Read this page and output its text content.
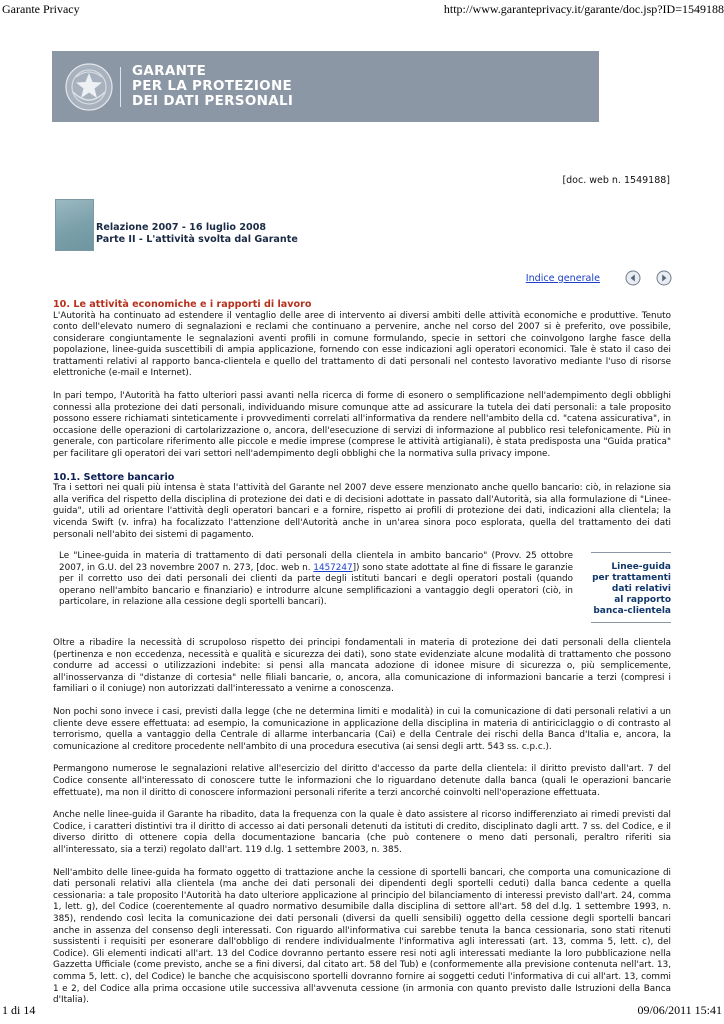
Garante Privacy	http://www.garanteprivacy.it/garante/doc.jsp?ID=1549188
GARANTE
PER LA PROTEZIONE
DEI DATI PERSONALI
[doc. web n. 1549188]
Relazione 2007 - 16 luglio 2008
Parte II - L'attività svolta dal Garante
Indice generale
10. Le attività economiche e i rapporti di lavoro

L'Autorità ha continuato ad estendere il ventaglio delle aree di intervento ai diversi ambiti delle attività economiche e produttive. Tenuto conto dell'elevato numero di segnalazioni e reclami che continuano a pervenire, anche nel corso del 2007 si è preferito, ove possibile, considerare congiuntamente le segnalazioni aventi profili in comune formulando, specie in settori che coinvolgono larghe fasce della popolazione, linee-guida suscettibili di ampia applicazione, fornendo con esse indicazioni agli operatori economici. Tale è stato il caso dei trattamenti relativi al rapporto banca-clientela e quello del trattamento di dati personali nel contesto lavorativo mediante l'uso di risorse elettroniche (e-mail e Internet).

In pari tempo, l'Autorità ha fatto ulteriori passi avanti nella ricerca di forme di esonero o semplificazione nell'adempimento degli obblighi connessi alla protezione dei dati personali, individuando misure comunque atte ad assicurare la tutela dei dati personali: a tale proposito possono essere richiamati sinteticamente i provvedimenti correlati all'informativa da rendere nell'ambito della cd. "catena assicurativa", in occasione delle operazioni di cartolarizzazione o, ancora, dell'esecuzione di servizi di informazione al pubblico resi telefonicamente. Più in generale, con particolare riferimento alle piccole e medie imprese (comprese le attività artigianali), è stata predisposta una "Guida pratica" per facilitare gli operatori dei vari settori nell'adempimento degli obblighi che la normativa sulla privacy impone.

10.1. Settore bancario

Tra i settori nei quali più intensa è stata l'attività del Garante nel 2007 deve essere menzionato anche quello bancario: ciò, in relazione sia alla verifica del rispetto della disciplina di protezione dei dati e di decisioni adottate in passato dall'Autorità, sia alla formulazione di "Linee-guida", utili ad orientare l'attività degli operatori bancari e a fornire, rispetto ai profili di protezione dei dati, indicazioni alla clientela; la vicenda Swift (v. infra) ha focalizzato l'attenzione dell'Autorità anche in un'area sinora poco esplorata, quella del trattamento dei dati personali nell'abito dei sistemi di pagamento.

Le "Linee-guida in materia di trattamento di dati personali della clientela in ambito bancario" (Provv. 25 ottobre 2007, in G.U. del 23 novembre 2007 n. 273, [doc. web n. 1457247]) sono state adottate al fine di fissare le garanzie per il corretto uso dei dati personali dei clienti da parte degli istituti bancari e degli operatori postali (quando operano nell'ambito bancario e finanziario) e introdurre alcune semplificazioni a vantaggio degli operatori (ciò, in particolare, in relazione alla cessione degli sportelli bancari).

Linee-guida
per trattamenti
dati relativi
al rapporto
banca-clientela

Oltre a ribadire la necessità di scrupoloso rispetto dei principi fondamentali in materia di protezione dei dati personali della clientela (pertinenza e non eccedenza, necessità e qualità e sicurezza dei dati), sono state evidenziate alcune modalità di trattamento che possono condurre ad accessi o utilizzazioni indebite: si pensi alla mancata adozione di idonee misure di sicurezza o, più semplicemente, all'inosservanza di "distanze di cortesia" nelle filiali bancarie, o, ancora, alla comunicazione di informazioni bancarie a terzi (compresi i familiari o il coniuge) non autorizzati dall'interessato a venirne a conoscenza.

Non pochi sono invece i casi, previsti dalla legge (che ne determina limiti e modalità) in cui la comunicazione di dati personali relativi a un cliente deve essere effettuata: ad esempio, la comunicazione in applicazione della disciplina in materia di antiriciclaggio o di contrasto al terrorismo, quella a vantaggio della Centrale di allarme interbancaria (Cai) e della Centrale dei rischi della Banca d'Italia e, ancora, la comunicazione al creditore procedente nell'ambito di una procedura esecutiva (ai sensi degli artt. 543 ss. c.p.c.).

Permangono numerose le segnalazioni relative all'esercizio del diritto d'accesso da parte della clientela: il diritto previsto dall'art. 7 del Codice consente all'interessato di conoscere tutte le informazioni che lo riguardano detenute dalla banca (quali le operazioni bancarie effettuate), ma non il diritto di conoscere informazioni personali riferite a terzi ancorché coinvolti nell'operazione effettuata.

Anche nelle linee-guida il Garante ha ribadito, data la frequenza con la quale è dato assistere al ricorso indifferenziato ai rimedi previsti dal Codice, i caratteri distintivi tra il diritto di accesso ai dati personali detenuti da istituti di credito, disciplinato dagli artt. 7 ss. del Codice, e il diverso diritto di ottenere copia della documentazione bancaria (che può contenere o meno dati personali, peraltro riferiti sia all'interessato, sia a terzi) regolato dall'art. 119 d.lg. 1 settembre 2003, n. 385.

Nell'ambito delle linee-guida ha formato oggetto di trattazione anche la cessione di sportelli bancari, che comporta una comunicazione di dati personali relativi alla clientela (ma anche dei dati personali dei dipendenti degli sportelli ceduti) dalla banca cedente a quella cessionaria: a tale proposito l'Autorità ha dato ulteriore applicazione al principio del bilanciamento di interessi previsto dall'art. 24, comma 1, lett. g), del Codice (coerentemente al quadro normativo desumibile dalla disciplina di settore all'art. 58 del d.lg. 1 settembre 1993, n. 385), rendendo così lecita la comunicazione dei dati personali (diversi da quelli sensibili) oggetto della cessione degli sportelli bancari anche in assenza del consenso degli interessati. Con riguardo all'informativa cui sarebbe tenuta la banca cessionaria, sono stati ritenuti sussistenti i requisiti per esonerare dall'obbligo di rendere individualmente l'informativa agli interessati (art. 13, comma 5, lett. c), del Codice). Gli elementi indicati all'art. 13 del Codice dovranno pertanto essere resi noti agli interessati mediante la loro pubblicazione nella Gazzetta Ufficiale (come previsto, anche se a fini diversi, dal citato art. 58 del Tub) e (conformemente alla previsione contenuta nell'art. 13, comma 5, lett. c), del Codice) le banche che acquisiscono sportelli dovranno fornire ai soggetti ceduti l'informativa di cui all'art. 13, commi 1 e 2, del Codice alla prima occasione utile successiva all'avvenuta cessione (in armonia con quanto previsto dalle Istruzioni della Banca d'Italia).

1 di 14	09/06/2011 15:41
